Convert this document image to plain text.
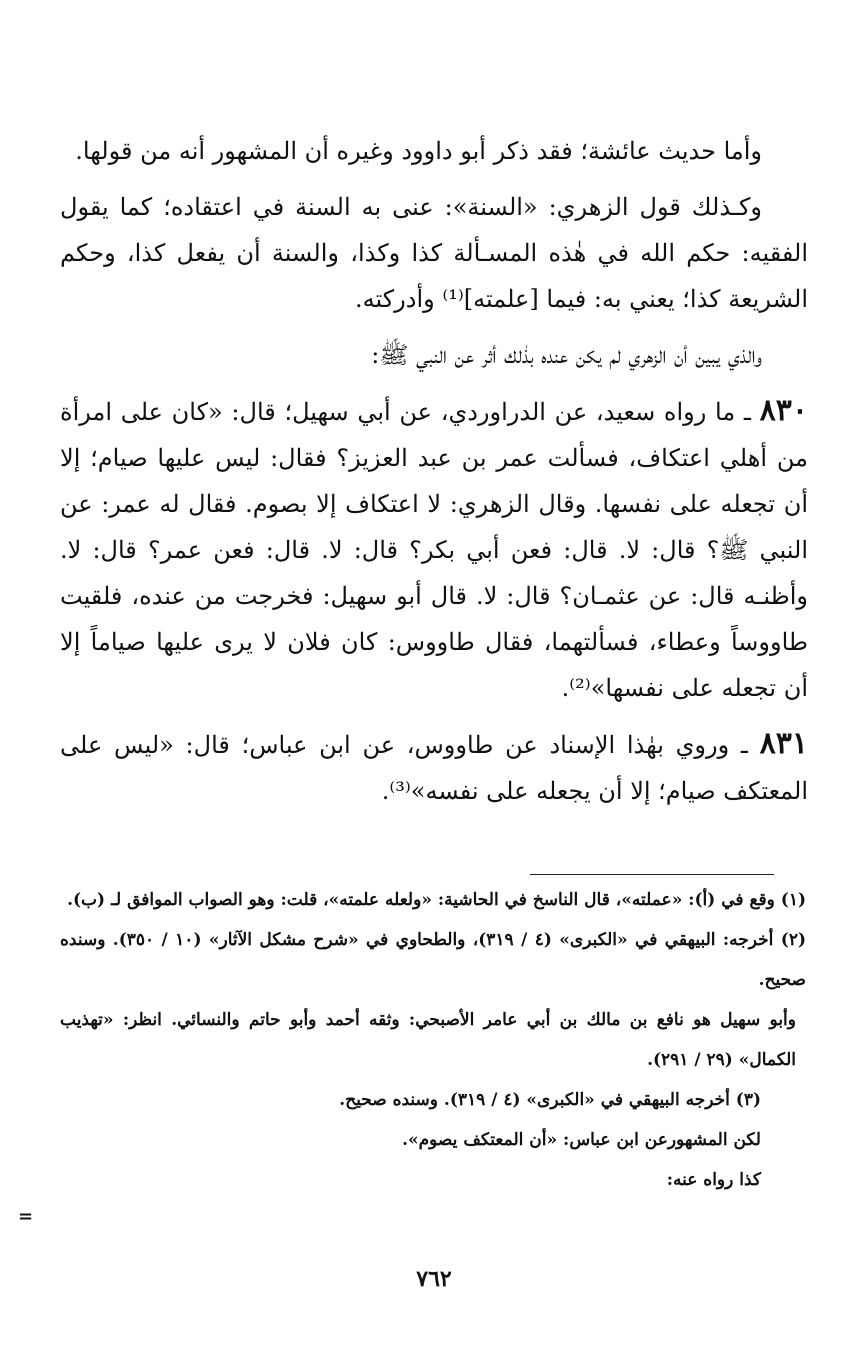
وأما حديث عائشة؛ فقد ذكر أبو داوود وغيره أن المشهور أنه من قولها.

وكـذلك قول الزهري: «السنة»: عنى به السنة في اعتقاده؛ كما يقول الفقيه: حكم الله في هٰذه المسـألة كذا وكذا، والسنة أن يفعل كذا، وحكم الشريعة كذا؛ يعني به: فيما [علمته]⁽¹⁾ وأدركته.

والذي يبين أن الزهري لم يكن عنده بذٰلك أثر عن النبي ﷺ:

٨٣٠ ـ ما رواه سعيد، عن الدراوردي، عن أبي سهيل؛ قال: «كان على امرأة من أهلي اعتكاف، فسألت عمر بن عبد العزيز؟ فقال: ليس عليها صيام؛ إلا أن تجعله على نفسها. وقال الزهري: لا اعتكاف إلا بصوم. فقال له عمر: عن النبي ﷺ؟ قال: لا. قال: فعن أبي بكر؟ قال: لا. قال: فعن عمر؟ قال: لا. وأظنـه قال: عن عثمـان؟ قال: لا. قال أبو سهيل: فخرجت من عنده، فلقيت طاووساً وعطاء، فسألتهما، فقال طاووس: كان فلان لا يرى عليها صياماً إلا أن تجعله على نفسها»⁽²⁾.

٨٣١ ـ وروي بهٰذا الإسناد عن طاووس، عن ابن عباس؛ قال: «ليس على المعتكف صيام؛ إلا أن يجعله على نفسه»⁽³⁾.

(١) وقع في (أ): «عملته»، قال الناسخ في الحاشية: «ولعله علمته»، قلت: وهو الصواب الموافق لـ (ب).

(٢) أخرجه: البيهقي في «الكبرى» (٤ / ٣١٩)، والطحاوي في «شرح مشكل الآثار» (١٠ / ٣٥٠). وسنده صحيح.

وأبو سهيل هو نافع بن مالك بن أبي عامر الأصبحي: وثقه أحمد وأبو حاتم والنسائي. انظر: «تهذيب الكمال» (٢٩ / ٢٩١).

(٣) أخرجه البيهقي في «الكبرى» (٤ / ٣١٩). وسنده صحيح.

لكن المشهورعن ابن عباس: «أن المعتكف يصوم».

كذا رواه عنه:

=
٧٦٢
